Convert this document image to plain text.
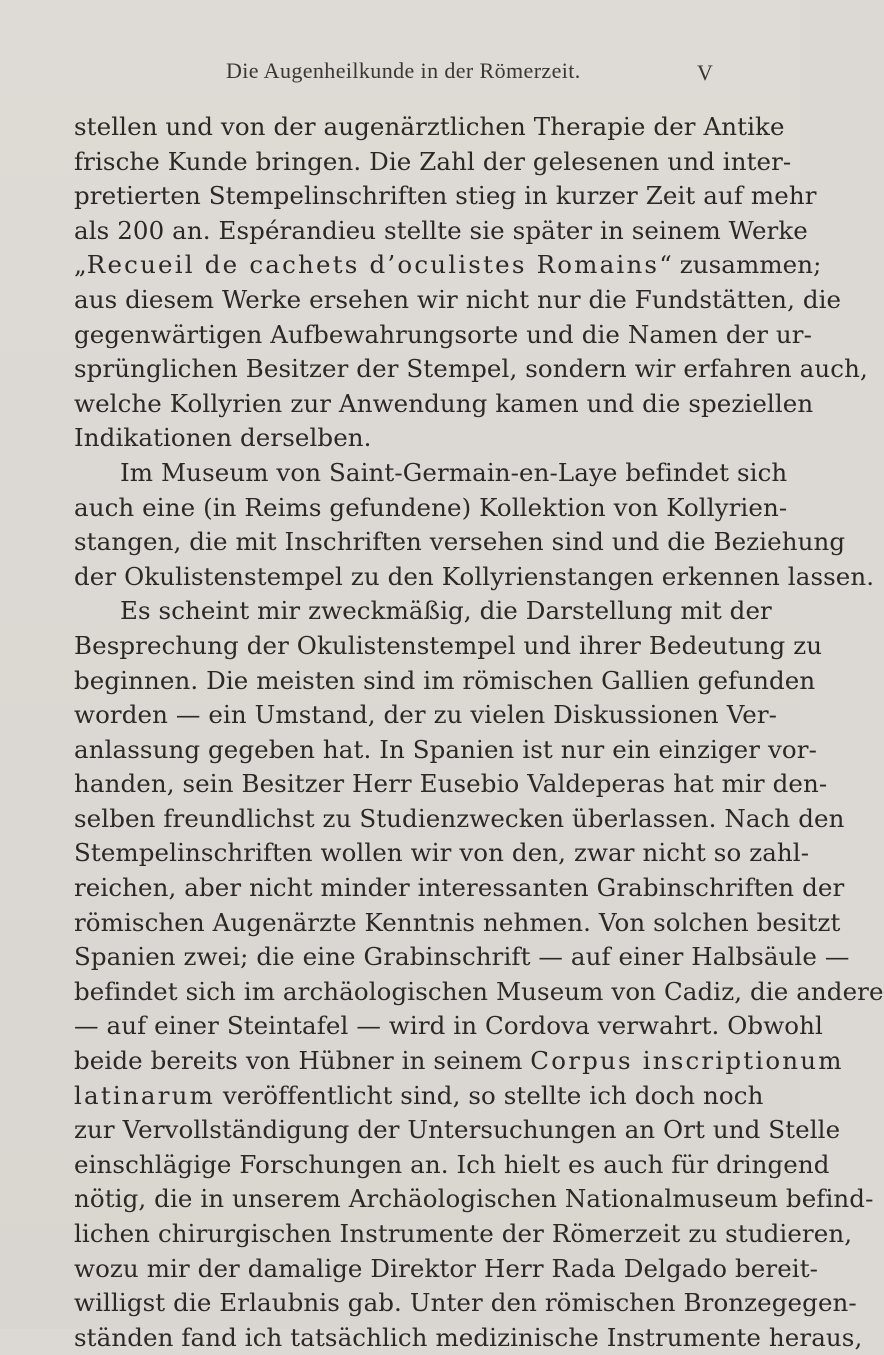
Die Augenheilkunde in der Römerzeit.	V
stellen und von der augenärztlichen Therapie der Antike
frische Kunde bringen. Die Zahl der gelesenen und inter-
pretierten Stempelinschriften stieg in kurzer Zeit auf mehr
als 200 an. Espérandieu stellte sie später in seinem Werke
„Recueil de cachets d’oculistes Romains“ zusammen;
aus diesem Werke ersehen wir nicht nur die Fundstätten, die
gegenwärtigen Aufbewahrungsorte und die Namen der ur-
sprünglichen Besitzer der Stempel, sondern wir erfahren auch,
welche Kollyrien zur Anwendung kamen und die speziellen
Indikationen derselben.
Im Museum von Saint-Germain-en-Laye befindet sich
auch eine (in Reims gefundene) Kollektion von Kollyrien-
stangen, die mit Inschriften versehen sind und die Beziehung
der Okulistenstempel zu den Kollyrienstangen erkennen lassen.
Es scheint mir zweckmäßig, die Darstellung mit der
Besprechung der Okulistenstempel und ihrer Bedeutung zu
beginnen. Die meisten sind im römischen Gallien gefunden
worden — ein Umstand, der zu vielen Diskussionen Ver-
anlassung gegeben hat. In Spanien ist nur ein einziger vor-
handen, sein Besitzer Herr Eusebio Valdeperas hat mir den-
selben freundlichst zu Studienzwecken überlassen. Nach den
Stempelinschriften wollen wir von den, zwar nicht so zahl-
reichen, aber nicht minder interessanten Grabinschriften der
römischen Augenärzte Kenntnis nehmen. Von solchen besitzt
Spanien zwei; die eine Grabinschrift — auf einer Halbsäule —
befindet sich im archäologischen Museum von Cadiz, die andere
— auf einer Steintafel — wird in Cordova verwahrt. Obwohl
beide bereits von Hübner in seinem Corpus inscriptionum
latinarum veröffentlicht sind, so stellte ich doch noch
zur Vervollständigung der Untersuchungen an Ort und Stelle
einschlägige Forschungen an. Ich hielt es auch für dringend
nötig, die in unserem Archäologischen Nationalmuseum befind-
lichen chirurgischen Instrumente der Römerzeit zu studieren,
wozu mir der damalige Direktor Herr Rada Delgado bereit-
willigst die Erlaubnis gab. Unter den römischen Bronzegegen-
ständen fand ich tatsächlich medizinische Instrumente heraus,
